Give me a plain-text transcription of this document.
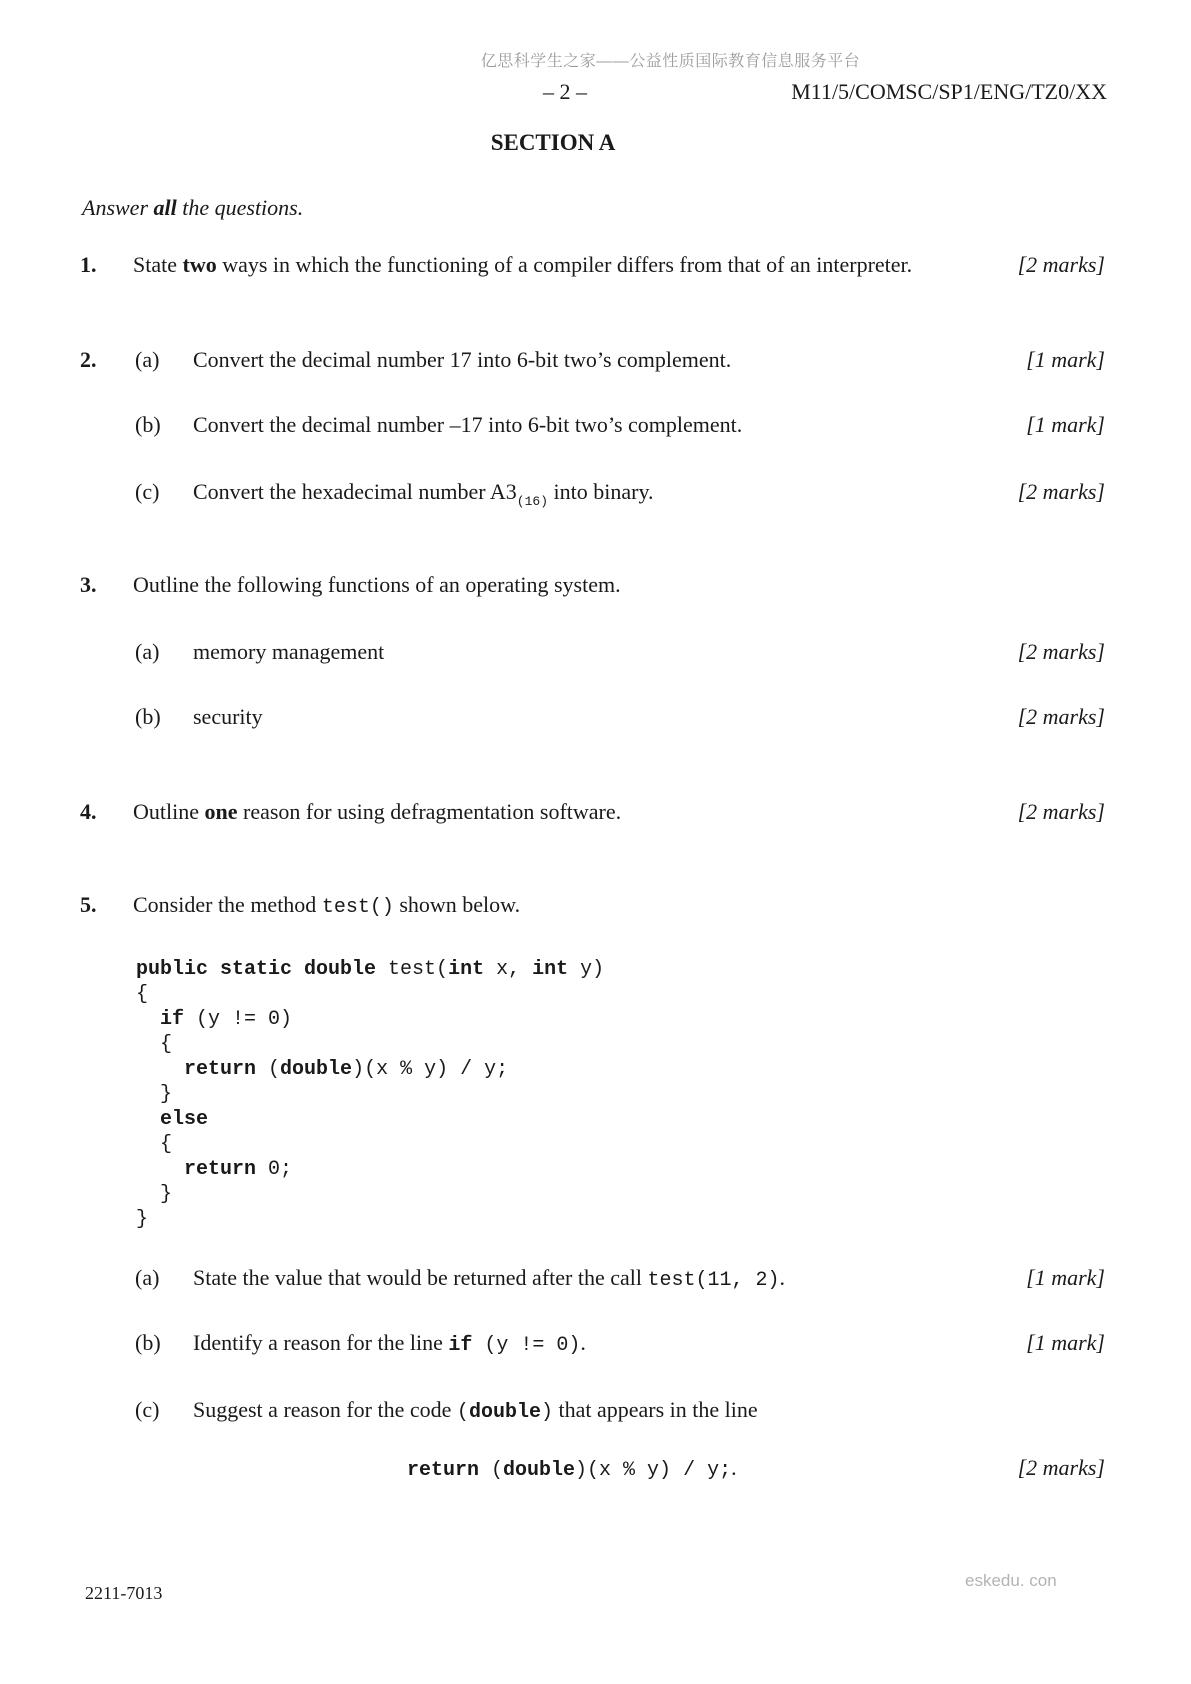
亿思科学生之家——公益性质国际教育信息服务平台
– 2 –	M11/5/COMSC/SP1/ENG/TZ0/XX
SECTION A
Answer all the questions.
1. State two ways in which the functioning of a compiler differs from that of an interpreter.	[2 marks]
2. (a) Convert the decimal number 17 into 6-bit two’s complement.	[1 mark]
(b) Convert the decimal number –17 into 6-bit two’s complement.	[1 mark]
(c) Convert the hexadecimal number $A3_{(16)}$ into binary.	[2 marks]
3. Outline the following functions of an operating system.
(a) memory management	[2 marks]
(b) security	[2 marks]
4. Outline one reason for using defragmentation software.	[2 marks]
5. Consider the method test() shown below.
public static double test(int x, int y)
{
if (y != 0)
{
return (double)(x % y) / y;
}
else
{
return 0;
}
}
(a) State the value that would be returned after the call test(11, 2).	[1 mark]
(b) Identify a reason for the line if (y != 0).	[1 mark]
(c) Suggest a reason for the code (double) that appears in the line
return (double)(x % y) / y;.	[2 marks]
2211-7013
eskedu. con
